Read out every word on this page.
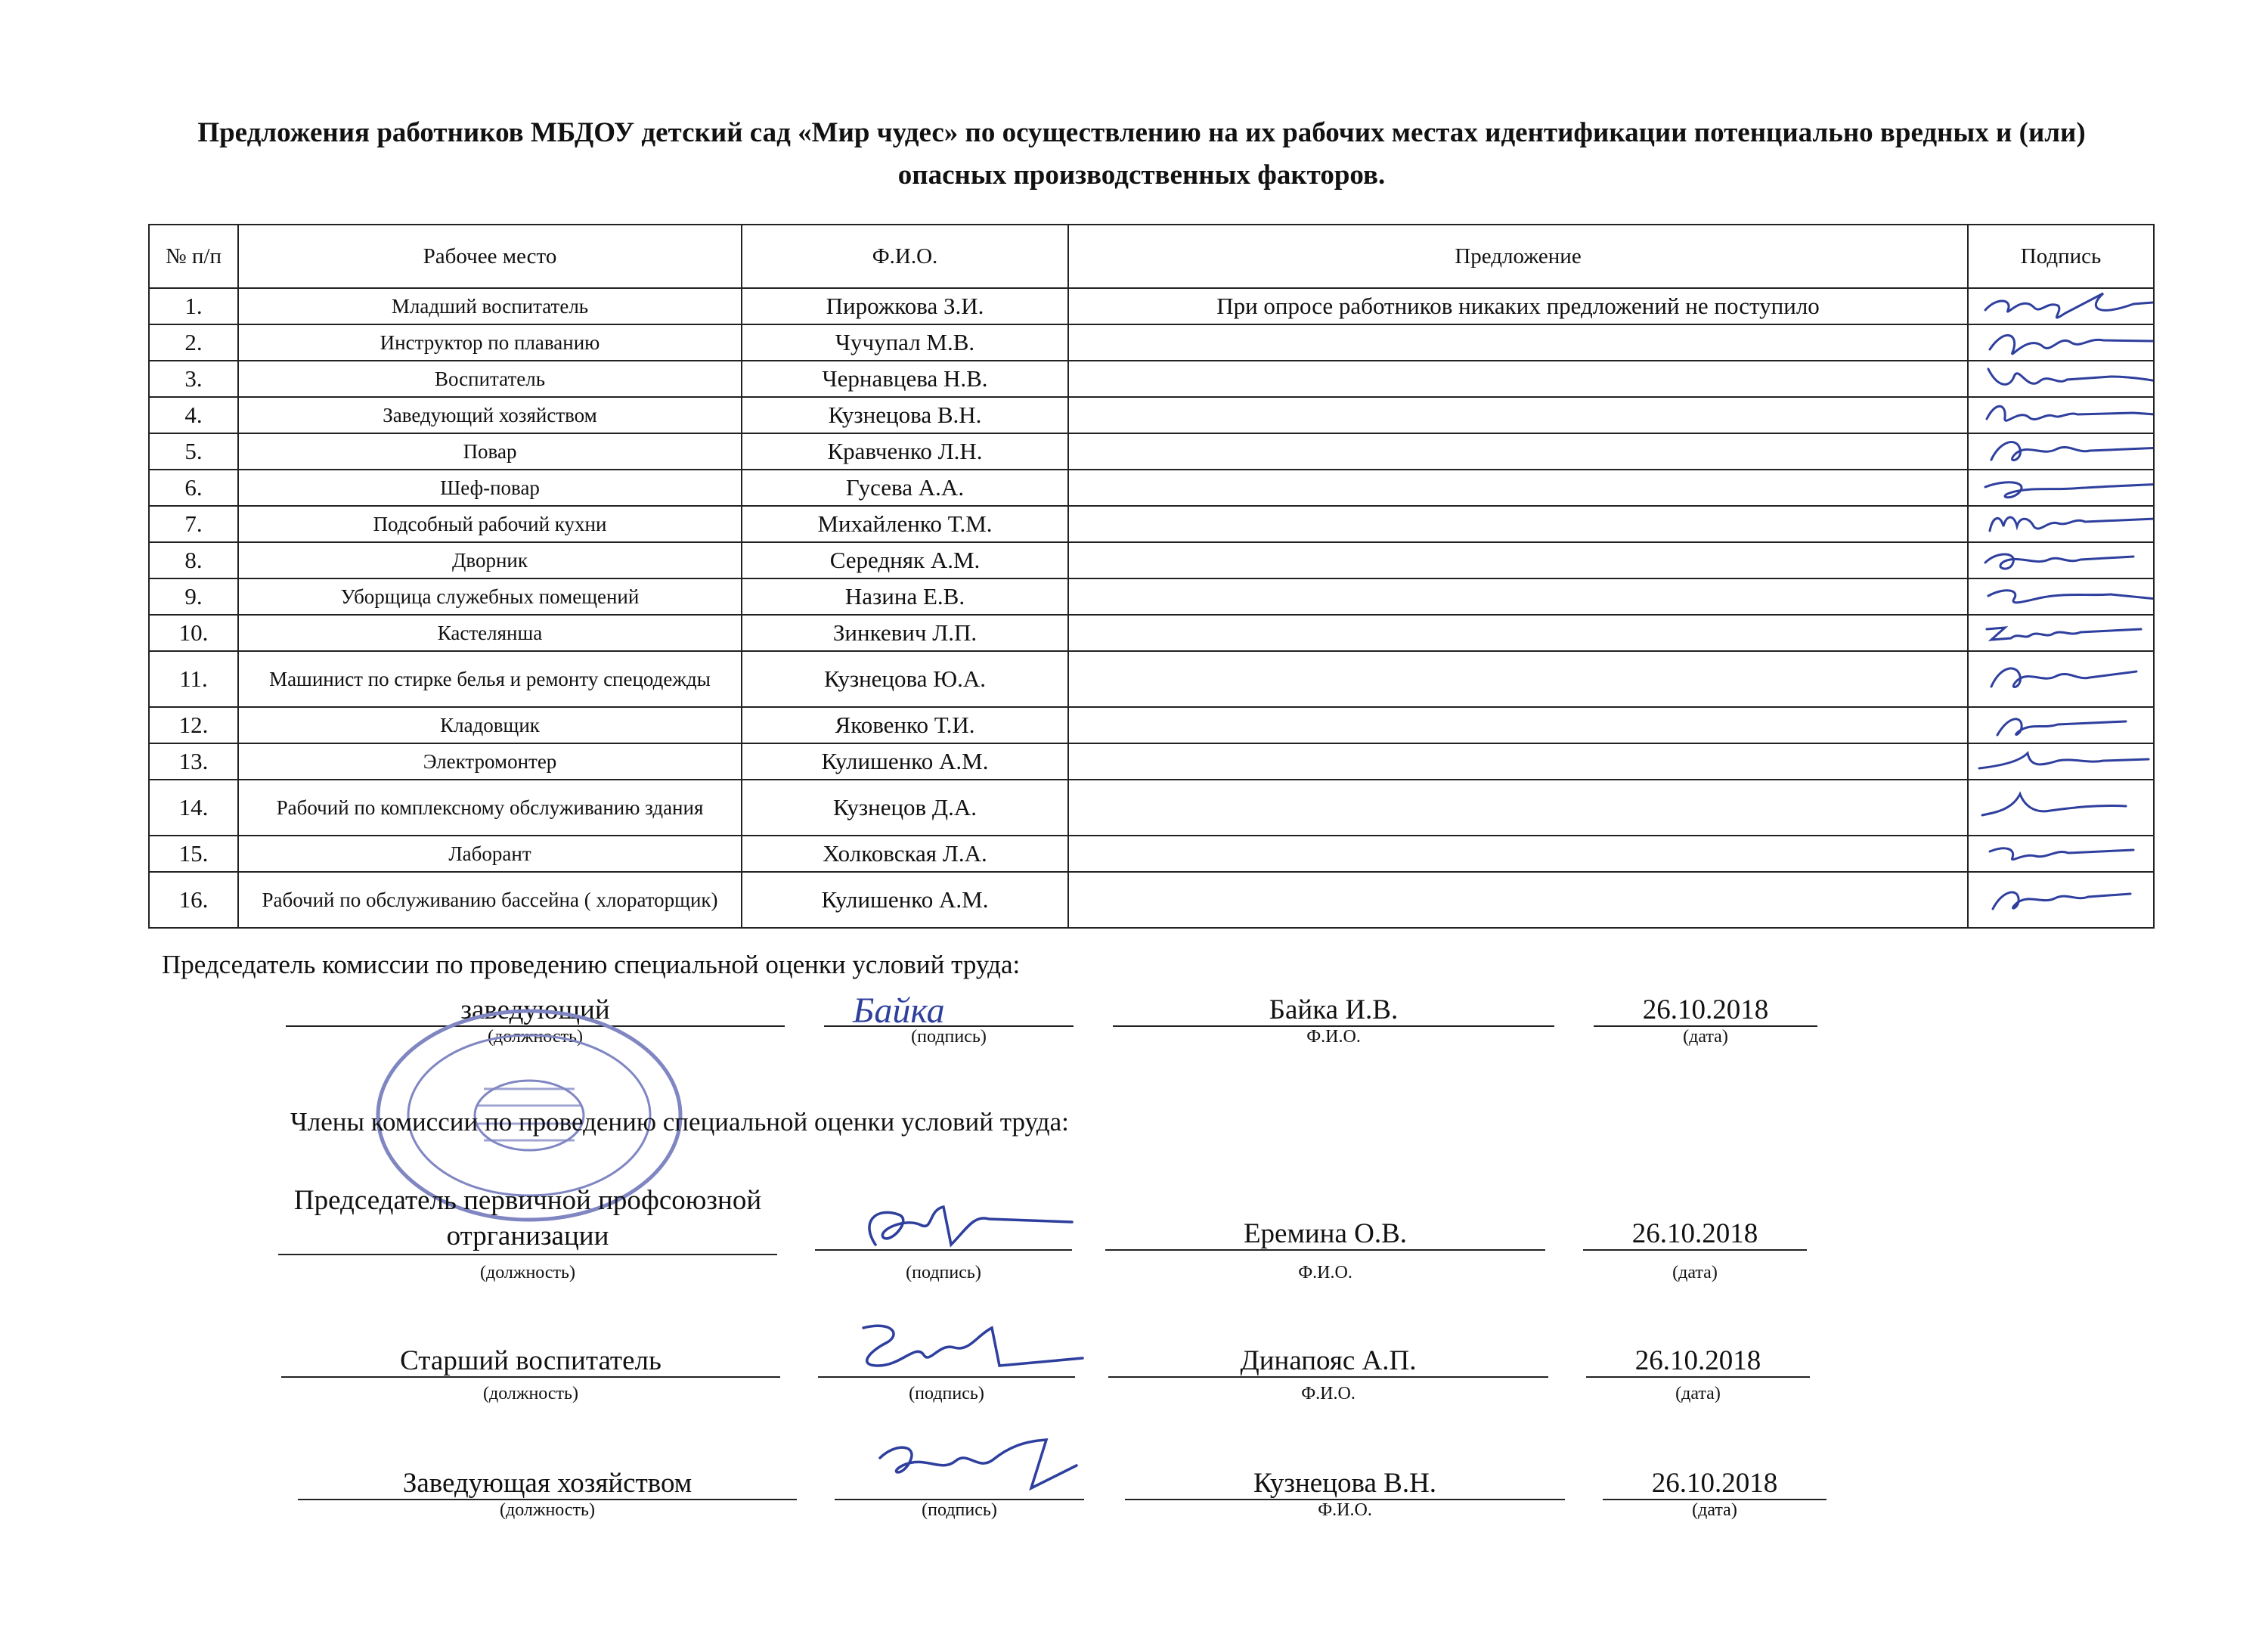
Предложения работников МБДОУ детский сад «Мир чудес» по осуществлению на их рабочих местах идентификации потенциально вредных и (или) опасных производственных факторов.
№ п/п	Рабочее место	Ф.И.О.	Предложение	Подпись
1.	Младший воспитатель	Пирожкова З.И.	При опросе работников никаких предложений не поступило	

2.	Инструктор по плаванию	Чучупал М.В.		

3.	Воспитатель	Чернавцева Н.В.		

4.	Заведующий хозяйством	Кузнецова В.Н.		

5.	Повар	Кравченко Л.Н.		

6.	Шеф-повар	Гусева А.А.		

7.	Подсобный рабочий кухни	Михайленко Т.М.		

8.	Дворник	Середняк А.М.		

9.	Уборщица служебных помещений	Назина Е.В.		

10.	Кастелянша	Зинкевич Л.П.		

11.	Машинист по стирке белья и ремонту спецодежды	Кузнецова Ю.А.		

12.	Кладовщик	Яковенко Т.И.		

13.	Электромонтер	Кулишенко А.М.		

14.	Рабочий по комплексному обслуживанию здания	Кузнецов Д.А.		

15.	Лаборант	Холковская Л.А.		

16.	Рабочий по обслуживанию бассейна ( хлораторщик)	Кулишенко А.М.		
Председатель комиссии по проведению специальной оценки условий труда:
заведующий	Байка	Байка И.В.	26.10.2018
(должность)	(подпись)	Ф.И.О.	(дата)
Члены комиссии по проведению специальной оценки условий труда:
Председатель первичной профсоюзной отрганизации	Еремина О.В.	26.10.2018
(должность)	(подпись)	Ф.И.О.	(дата)
Старший воспитатель	Динапояс А.П.	26.10.2018
(должность)	(подпись)	Ф.И.О.	(дата)
Заведующая хозяйством	Кузнецова В.Н.	26.10.2018
(должность)	(подпись)	Ф.И.О.	(дата)
